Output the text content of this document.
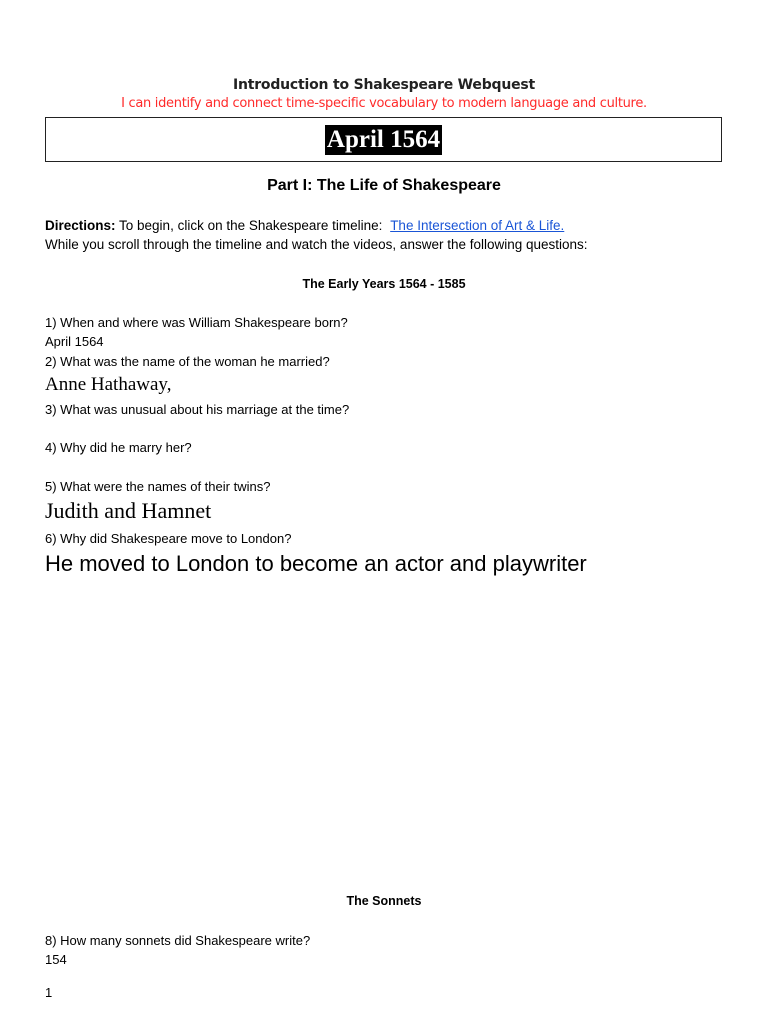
Introduction to Shakespeare Webquest
I can identify and connect time-specific vocabulary to modern language and culture.
April 1564
Part I: The Life of Shakespeare
Directions: To begin, click on the Shakespeare timeline: The Intersection of Art & Life.
While you scroll through the timeline and watch the videos, answer the following questions:
The Early Years 1564 - 1585
1) When and where was William Shakespeare born?
April 1564
2) What was the name of the woman he married?
Anne Hathaway,
3) What was unusual about his marriage at the time?
4) Why did he marry her?
5) What were the names of their twins?
Judith and Hamnet
6) Why did Shakespeare move to London?
He moved to London to become an actor and playwriter
The Sonnets
8) How many sonnets did Shakespeare write?
154
1
